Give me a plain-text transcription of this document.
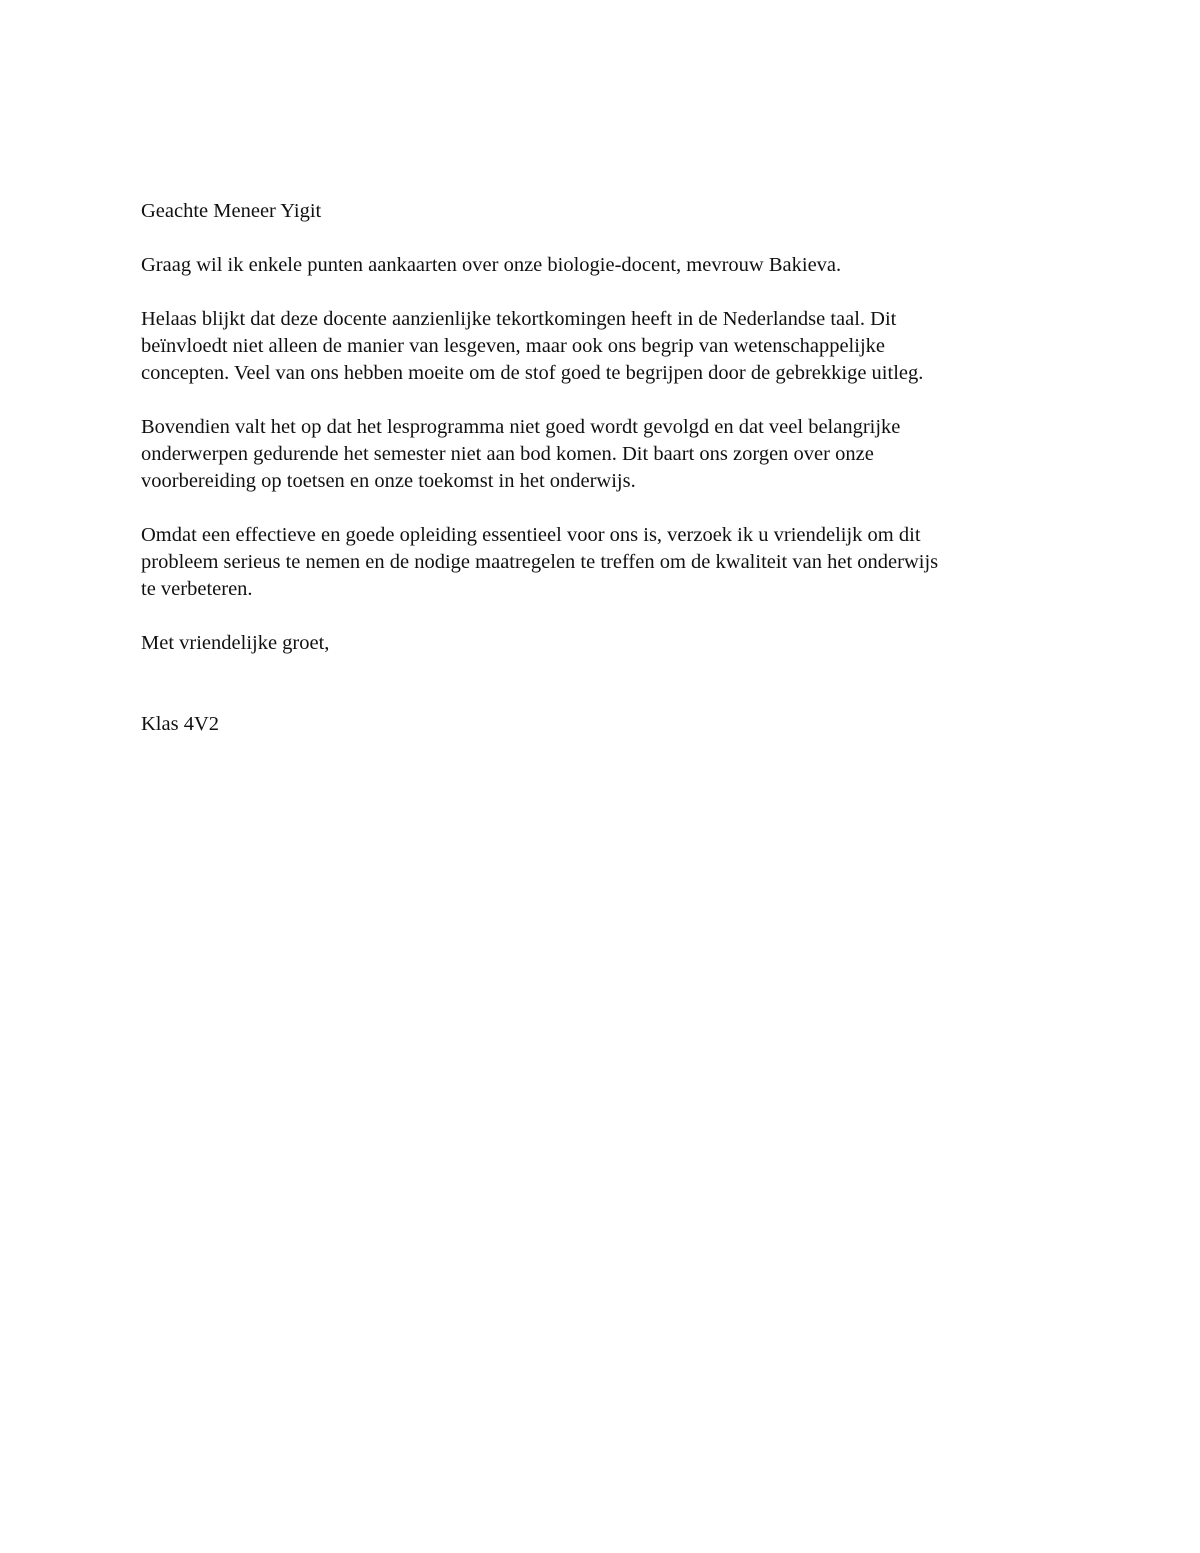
Geachte Meneer Yigit

Graag wil ik enkele punten aankaarten over onze biologie-docent, mevrouw Bakieva.

Helaas blijkt dat deze docente aanzienlijke tekortkomingen heeft in de Nederlandse taal. Dit
beïnvloedt niet alleen de manier van lesgeven, maar ook ons begrip van wetenschappelijke
concepten. Veel van ons hebben moeite om de stof goed te begrijpen door de gebrekkige uitleg.

Bovendien valt het op dat het lesprogramma niet goed wordt gevolgd en dat veel belangrijke
onderwerpen gedurende het semester niet aan bod komen. Dit baart ons zorgen over onze
voorbereiding op toetsen en onze toekomst in het onderwijs.

Omdat een effectieve en goede opleiding essentieel voor ons is, verzoek ik u vriendelijk om dit
probleem serieus te nemen en de nodige maatregelen te treffen om de kwaliteit van het onderwijs
te verbeteren.

Met vriendelijke groet,

Klas 4V2
